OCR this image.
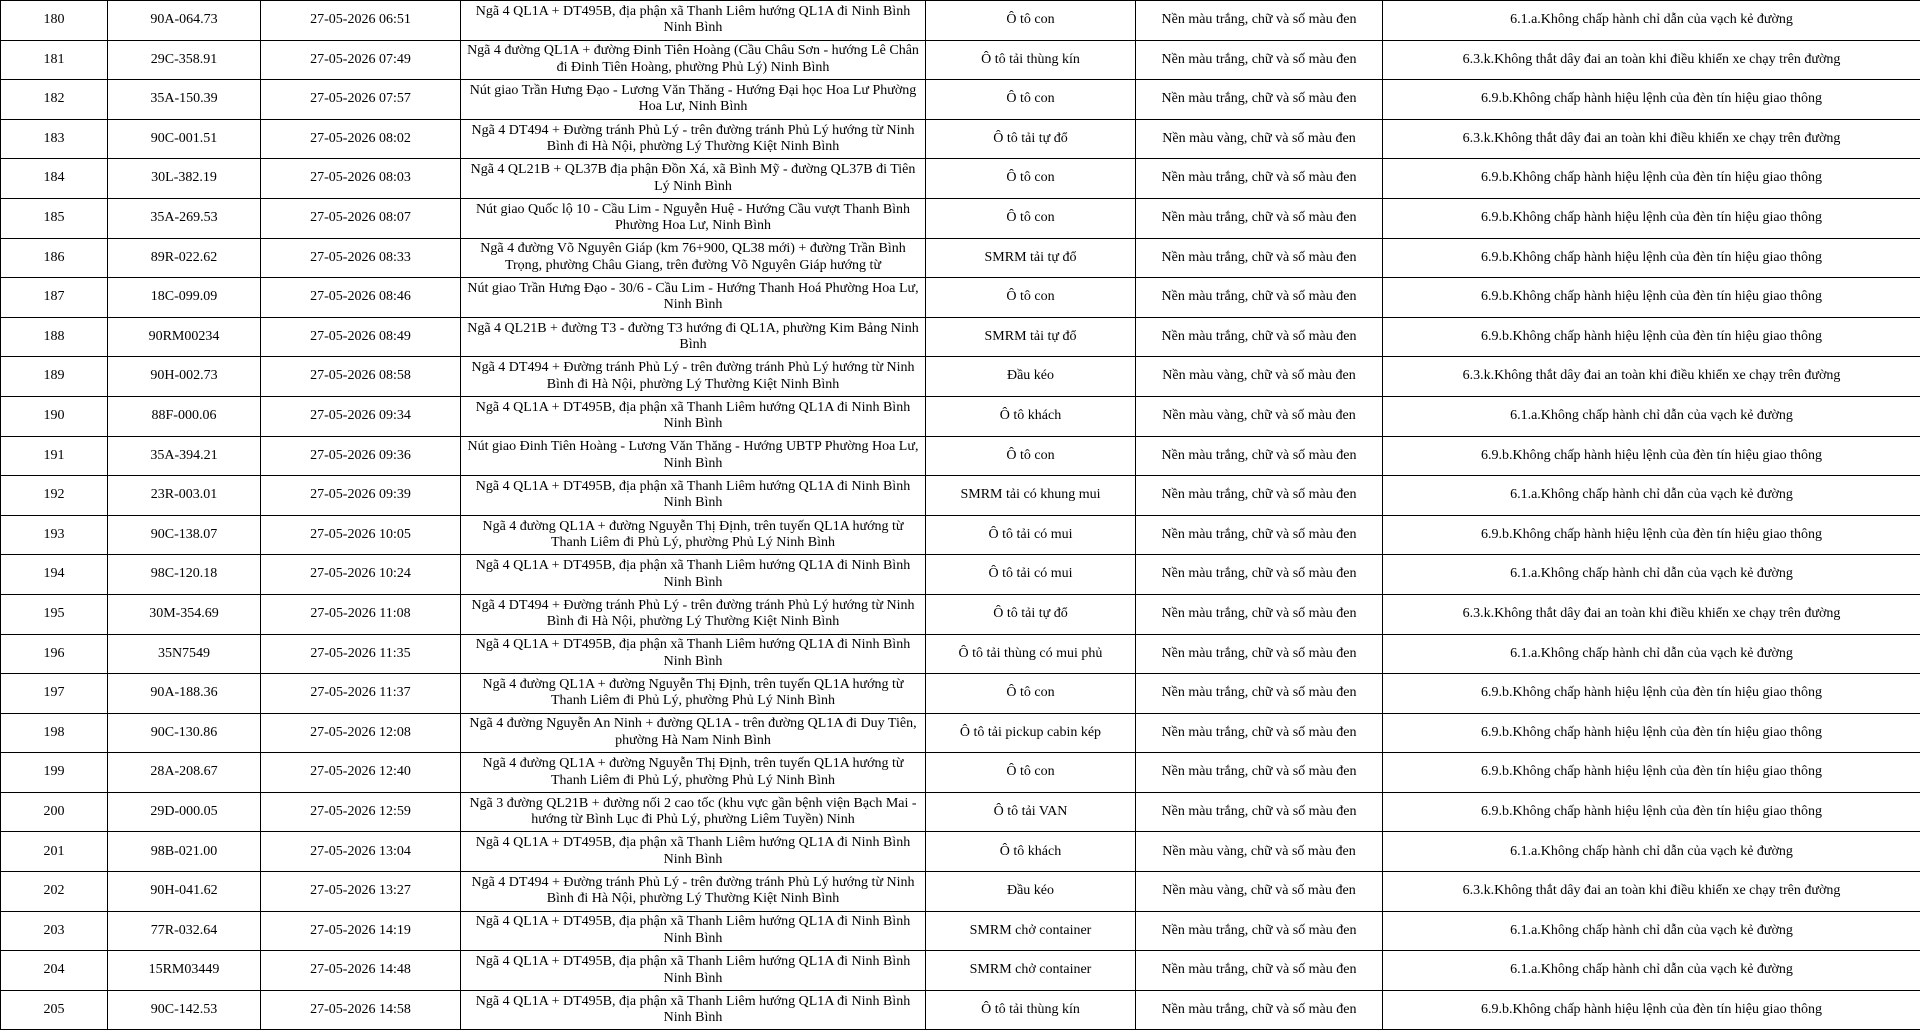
180	90A-064.73	27-05-2026 06:51	Ngã 4 QL1A + DT495B, địa phận xã Thanh Liêm hướng QL1A đi Ninh Bình Ninh Bình	Ô tô con	Nền màu trắng, chữ và số màu đen	6.1.a.Không chấp hành chỉ dẫn của vạch kẻ đường
181	29C-358.91	27-05-2026 07:49	Ngã 4 đường QL1A + đường Đinh Tiên Hoàng (Cầu Châu Sơn - hướng Lê Chân đi Đinh Tiên Hoàng, phường Phủ Lý) Ninh Bình	Ô tô tải thùng kín	Nền màu trắng, chữ và số màu đen	6.3.k.Không thắt dây đai an toàn khi điều khiển xe chạy trên đường
182	35A-150.39	27-05-2026 07:57	Nút giao Trần Hưng Đạo - Lương Văn Thăng - Hướng Đại học Hoa Lư Phường Hoa Lư, Ninh Bình	Ô tô con	Nền màu trắng, chữ và số màu đen	6.9.b.Không chấp hành hiệu lệnh của đèn tín hiệu giao thông
183	90C-001.51	27-05-2026 08:02	Ngã 4 DT494 + Đường tránh Phủ Lý - trên đường tránh Phủ Lý hướng từ Ninh Bình đi Hà Nội, phường Lý Thường Kiệt Ninh Bình	Ô tô tải tự đổ	Nền màu vàng, chữ và số màu đen	6.3.k.Không thắt dây đai an toàn khi điều khiển xe chạy trên đường
184	30L-382.19	27-05-2026 08:03	Ngã 4 QL21B + QL37B địa phận Đồn Xá, xã Bình Mỹ - đường QL37B đi Tiên Lý Ninh Bình	Ô tô con	Nền màu trắng, chữ và số màu đen	6.9.b.Không chấp hành hiệu lệnh của đèn tín hiệu giao thông
185	35A-269.53	27-05-2026 08:07	Nút giao Quốc lộ 10 - Cầu Lim - Nguyễn Huệ - Hướng Cầu vượt Thanh Bình Phường Hoa Lư, Ninh Bình	Ô tô con	Nền màu trắng, chữ và số màu đen	6.9.b.Không chấp hành hiệu lệnh của đèn tín hiệu giao thông
186	89R-022.62	27-05-2026 08:33	Ngã 4 đường Võ Nguyên Giáp (km 76+900, QL38 mới) + đường Trần Bình Trọng, phường Châu Giang, trên đường Võ Nguyên Giáp hướng từ	SMRM tải tự đổ	Nền màu trắng, chữ và số màu đen	6.9.b.Không chấp hành hiệu lệnh của đèn tín hiệu giao thông
187	18C-099.09	27-05-2026 08:46	Nút giao Trần Hưng Đạo - 30/6 - Cầu Lim - Hướng Thanh Hoá Phường Hoa Lư, Ninh Bình	Ô tô con	Nền màu trắng, chữ và số màu đen	6.9.b.Không chấp hành hiệu lệnh của đèn tín hiệu giao thông
188	90RM00234	27-05-2026 08:49	Ngã 4 QL21B + đường T3 - đường T3 hướng đi QL1A, phường Kim Bảng Ninh Bình	SMRM tải tự đổ	Nền màu trắng, chữ và số màu đen	6.9.b.Không chấp hành hiệu lệnh của đèn tín hiệu giao thông
189	90H-002.73	27-05-2026 08:58	Ngã 4 DT494 + Đường tránh Phủ Lý - trên đường tránh Phủ Lý hướng từ Ninh Bình đi Hà Nội, phường Lý Thường Kiệt Ninh Bình	Đầu kéo	Nền màu vàng, chữ và số màu đen	6.3.k.Không thắt dây đai an toàn khi điều khiển xe chạy trên đường
190	88F-000.06	27-05-2026 09:34	Ngã 4 QL1A + DT495B, địa phận xã Thanh Liêm hướng QL1A đi Ninh Bình Ninh Bình	Ô tô khách	Nền màu vàng, chữ và số màu đen	6.1.a.Không chấp hành chỉ dẫn của vạch kẻ đường
191	35A-394.21	27-05-2026 09:36	Nút giao Đinh Tiên Hoàng - Lương Văn Thăng - Hướng UBTP Phường Hoa Lư, Ninh Bình	Ô tô con	Nền màu trắng, chữ và số màu đen	6.9.b.Không chấp hành hiệu lệnh của đèn tín hiệu giao thông
192	23R-003.01	27-05-2026 09:39	Ngã 4 QL1A + DT495B, địa phận xã Thanh Liêm hướng QL1A đi Ninh Bình Ninh Bình	SMRM tải có khung mui	Nền màu trắng, chữ và số màu đen	6.1.a.Không chấp hành chỉ dẫn của vạch kẻ đường
193	90C-138.07	27-05-2026 10:05	Ngã 4 đường QL1A + đường Nguyễn Thị Định, trên tuyến QL1A hướng từ Thanh Liêm đi Phủ Lý, phường Phủ Lý Ninh Bình	Ô tô tải có mui	Nền màu trắng, chữ và số màu đen	6.9.b.Không chấp hành hiệu lệnh của đèn tín hiệu giao thông
194	98C-120.18	27-05-2026 10:24	Ngã 4 QL1A + DT495B, địa phận xã Thanh Liêm hướng QL1A đi Ninh Bình Ninh Bình	Ô tô tải có mui	Nền màu trắng, chữ và số màu đen	6.1.a.Không chấp hành chỉ dẫn của vạch kẻ đường
195	30M-354.69	27-05-2026 11:08	Ngã 4 DT494 + Đường tránh Phủ Lý - trên đường tránh Phủ Lý hướng từ Ninh Bình đi Hà Nội, phường Lý Thường Kiệt Ninh Bình	Ô tô tải tự đổ	Nền màu trắng, chữ và số màu đen	6.3.k.Không thắt dây đai an toàn khi điều khiển xe chạy trên đường
196	35N7549	27-05-2026 11:35	Ngã 4 QL1A + DT495B, địa phận xã Thanh Liêm hướng QL1A đi Ninh Bình Ninh Bình	Ô tô tải thùng có mui phủ	Nền màu trắng, chữ và số màu đen	6.1.a.Không chấp hành chỉ dẫn của vạch kẻ đường
197	90A-188.36	27-05-2026 11:37	Ngã 4 đường QL1A + đường Nguyễn Thị Định, trên tuyến QL1A hướng từ Thanh Liêm đi Phủ Lý, phường Phủ Lý Ninh Bình	Ô tô con	Nền màu trắng, chữ và số màu đen	6.9.b.Không chấp hành hiệu lệnh của đèn tín hiệu giao thông
198	90C-130.86	27-05-2026 12:08	Ngã 4 đường Nguyễn An Ninh + đường QL1A - trên đường QL1A đi Duy Tiên, phường Hà Nam Ninh Bình	Ô tô tải pickup cabin kép	Nền màu trắng, chữ và số màu đen	6.9.b.Không chấp hành hiệu lệnh của đèn tín hiệu giao thông
199	28A-208.67	27-05-2026 12:40	Ngã 4 đường QL1A + đường Nguyễn Thị Định, trên tuyến QL1A hướng từ Thanh Liêm đi Phủ Lý, phường Phủ Lý Ninh Bình	Ô tô con	Nền màu trắng, chữ và số màu đen	6.9.b.Không chấp hành hiệu lệnh của đèn tín hiệu giao thông
200	29D-000.05	27-05-2026 12:59	Ngã 3 đường QL21B + đường nối 2 cao tốc (khu vực gần bệnh viện Bạch Mai - hướng từ Bình Lục đi Phủ Lý, phường Liêm Tuyền) Ninh	Ô tô tải VAN	Nền màu trắng, chữ và số màu đen	6.9.b.Không chấp hành hiệu lệnh của đèn tín hiệu giao thông
201	98B-021.00	27-05-2026 13:04	Ngã 4 QL1A + DT495B, địa phận xã Thanh Liêm hướng QL1A đi Ninh Bình Ninh Bình	Ô tô khách	Nền màu vàng, chữ và số màu đen	6.1.a.Không chấp hành chỉ dẫn của vạch kẻ đường
202	90H-041.62	27-05-2026 13:27	Ngã 4 DT494 + Đường tránh Phủ Lý - trên đường tránh Phủ Lý hướng từ Ninh Bình đi Hà Nội, phường Lý Thường Kiệt Ninh Bình	Đầu kéo	Nền màu vàng, chữ và số màu đen	6.3.k.Không thắt dây đai an toàn khi điều khiển xe chạy trên đường
203	77R-032.64	27-05-2026 14:19	Ngã 4 QL1A + DT495B, địa phận xã Thanh Liêm hướng QL1A đi Ninh Bình Ninh Bình	SMRM chở container	Nền màu trắng, chữ và số màu đen	6.1.a.Không chấp hành chỉ dẫn của vạch kẻ đường
204	15RM03449	27-05-2026 14:48	Ngã 4 QL1A + DT495B, địa phận xã Thanh Liêm hướng QL1A đi Ninh Bình Ninh Bình	SMRM chở container	Nền màu trắng, chữ và số màu đen	6.1.a.Không chấp hành chỉ dẫn của vạch kẻ đường
205	90C-142.53	27-05-2026 14:58	Ngã 4 QL1A + DT495B, địa phận xã Thanh Liêm hướng QL1A đi Ninh Bình Ninh Bình	Ô tô tải thùng kín	Nền màu trắng, chữ và số màu đen	6.9.b.Không chấp hành hiệu lệnh của đèn tín hiệu giao thông
